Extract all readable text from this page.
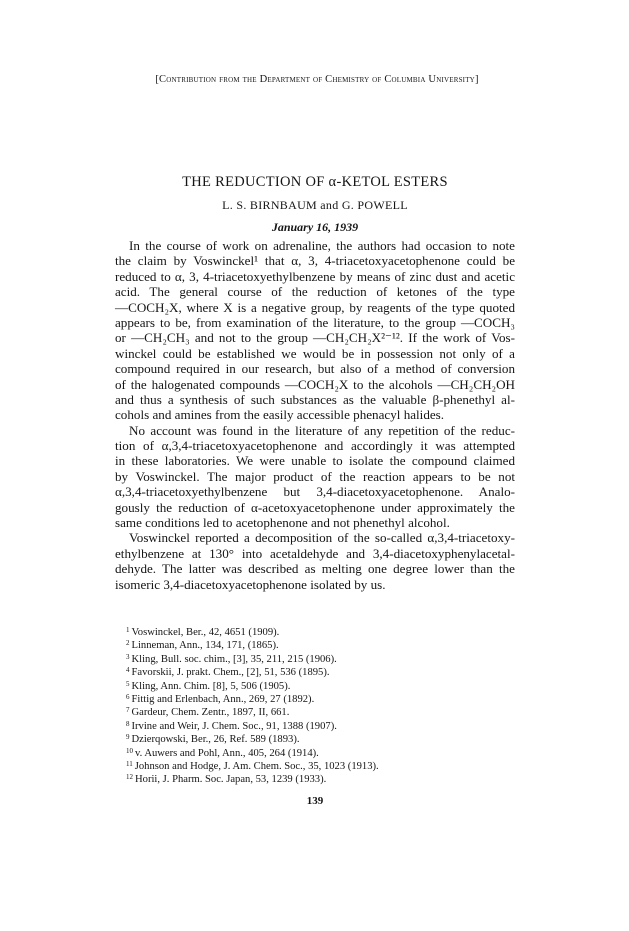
[Contribution from the Department of Chemistry of Columbia University]
THE REDUCTION OF α-KETOL ESTERS
L. S. BIRNBAUM and G. POWELL
January 16, 1939
In the course of work on adrenaline, the authors had occasion to note
the claim by Voswinckel¹ that α, 3, 4-triacetoxyacetophenone could be
reduced to α, 3, 4-triacetoxyethylbenzene by means of zinc dust and acetic
acid. The general course of the reduction of ketones of the type
—COCH₂X, where X is a negative group, by reagents of the type quoted
appears to be, from examination of the literature, to the group —COCH₃
or —CH₂CH₃ and not to the group —CH₂CH₂X²⁻¹². If the work of Vos-
winckel could be established we would be in possession not only of a
compound required in our research, but also of a method of conversion
of the halogenated compounds —COCH₂X to the alcohols —CH₂CH₂OH
and thus a synthesis of such substances as the valuable β-phenethyl al-
cohols and amines from the easily accessible phenacyl halides.
No account was found in the literature of any repetition of the reduc-
tion of α,3,4-triacetoxyacetophenone and accordingly it was attempted
in these laboratories. We were unable to isolate the compound claimed
by Voswinckel. The major product of the reaction appears to be not
α,3,4-triacetoxyethylbenzene but 3,4-diacetoxyacetophenone. Analo-
gously the reduction of α-acetoxyacetophenone under approximately the
same conditions led to acetophenone and not phenethyl alcohol.
Voswinckel reported a decomposition of the so-called α,3,4-triacetoxy-
ethylbenzene at 130° into acetaldehyde and 3,4-diacetoxyphenylacetal-
dehyde. The latter was described as melting one degree lower than the
isomeric 3,4-diacetoxyacetophenone isolated by us.
$^1$ Voswinckel, Ber., 42, 4651 (1909).
$^2$ Linneman, Ann., 134, 171, (1865).
$^3$ Kling, Bull. soc. chim., [3], 35, 211, 215 (1906).
$^4$ Favorskii, J. prakt. Chem., [2], 51, 536 (1895).
$^5$ Kling, Ann. Chim. [8], 5, 506 (1905).
$^6$ Fittig and Erlenbach, Ann., 269, 27 (1892).
$^7$ Gardeur, Chem. Zentr., 1897, II, 661.
$^8$ Irvine and Weir, J. Chem. Soc., 91, 1388 (1907).
$^9$ Dzierqowski, Ber., 26, Ref. 589 (1893).
$^{10}$ v. Auwers and Pohl, Ann., 405, 264 (1914).
$^{11}$ Johnson and Hodge, J. Am. Chem. Soc., 35, 1023 (1913).
$^{12}$ Horii, J. Pharm. Soc. Japan, 53, 1239 (1933).
139
